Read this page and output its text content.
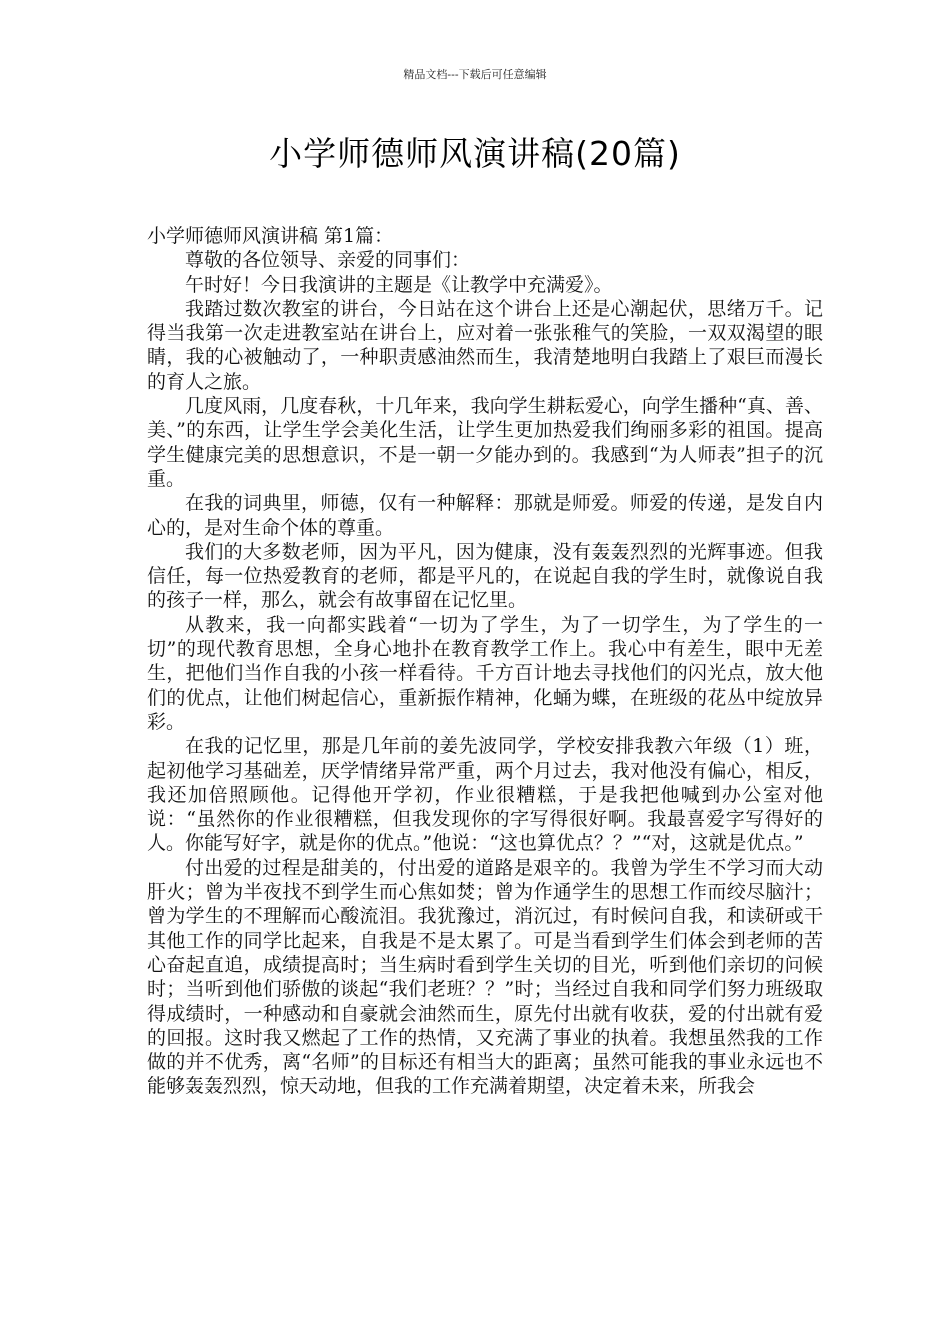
精品文档---下载后可任意编辑
小学师德师风演讲稿(20篇)

小学师德师风演讲稿 第1篇：

尊敬的各位领导、亲爱的同事们：

午时好！今日我演讲的主题是《让教学中充满爱》。

我踏过数次教室的讲台，今日站在这个讲台上还是心潮起伏，思绪万千。记得当我第一次走进教室站在讲台上，应对着一张张稚气的笑脸，一双双渴望的眼睛，我的心被触动了，一种职责感油然而生，我清楚地明白我踏上了艰巨而漫长的育人之旅。

几度风雨，几度春秋，十几年来，我向学生耕耘爱心，向学生播种“真、善、美、”的东西，让学生学会美化生活，让学生更加热爱我们绚丽多彩的祖国。提高学生健康完美的思想意识，不是一朝一夕能办到的。我感到“为人师表”担子的沉重。

在我的词典里，师德，仅有一种解释：那就是师爱。师爱的传递，是发自内心的，是对生命个体的尊重。

我们的大多数老师，因为平凡，因为健康，没有轰轰烈烈的光辉事迹。但我信任，每一位热爱教育的老师，都是平凡的，在说起自我的学生时，就像说自我的孩子一样，那么，就会有故事留在记忆里。

从教来，我一向都实践着“一切为了学生，为了一切学生，为了学生的一切”的现代教育思想，全身心地扑在教育教学工作上。我心中有差生，眼中无差生，把他们当作自我的小孩一样看待。千方百计地去寻找他们的闪光点，放大他们的优点，让他们树起信心，重新振作精神，化蛹为蝶，在班级的花丛中绽放异彩。

在我的记忆里，那是几年前的姜先波同学，学校安排我教六年级（1）班，起初他学习基础差，厌学情绪异常严重，两个月过去，我对他没有偏心，相反，我还加倍照顾他。记得他开学初，作业很糟糕，于是我把他喊到办公室对他说：“虽然你的作业很糟糕，但我发现你的字写得很好啊。我最喜爱字写得好的人。你能写好字，就是你的优点。”他说：“这也算优点？？”“对，这就是优点。”

付出爱的过程是甜美的，付出爱的道路是艰辛的。我曾为学生不学习而大动肝火；曾为半夜找不到学生而心焦如焚；曾为作通学生的思想工作而绞尽脑汁；曾为学生的不理解而心酸流泪。我犹豫过，消沉过，有时候问自我，和读研或干其他工作的同学比起来，自我是不是太累了。可是当看到学生们体会到老师的苦心奋起直追，成绩提高时；当生病时看到学生关切的目光，听到他们亲切的问候时；当听到他们骄傲的谈起“我们老班？？”时；当经过自我和同学们努力班级取得成绩时，一种感动和自豪就会油然而生，原先付出就有收获，爱的付出就有爱的回报。这时我又燃起了工作的热情，又充满了事业的执着。我想虽然我的工作做的并不优秀，离“名师”的目标还有相当大的距离；虽然可能我的事业永远也不能够轰轰烈烈，惊天动地，但我的工作充满着期望，决定着未来，所我会
